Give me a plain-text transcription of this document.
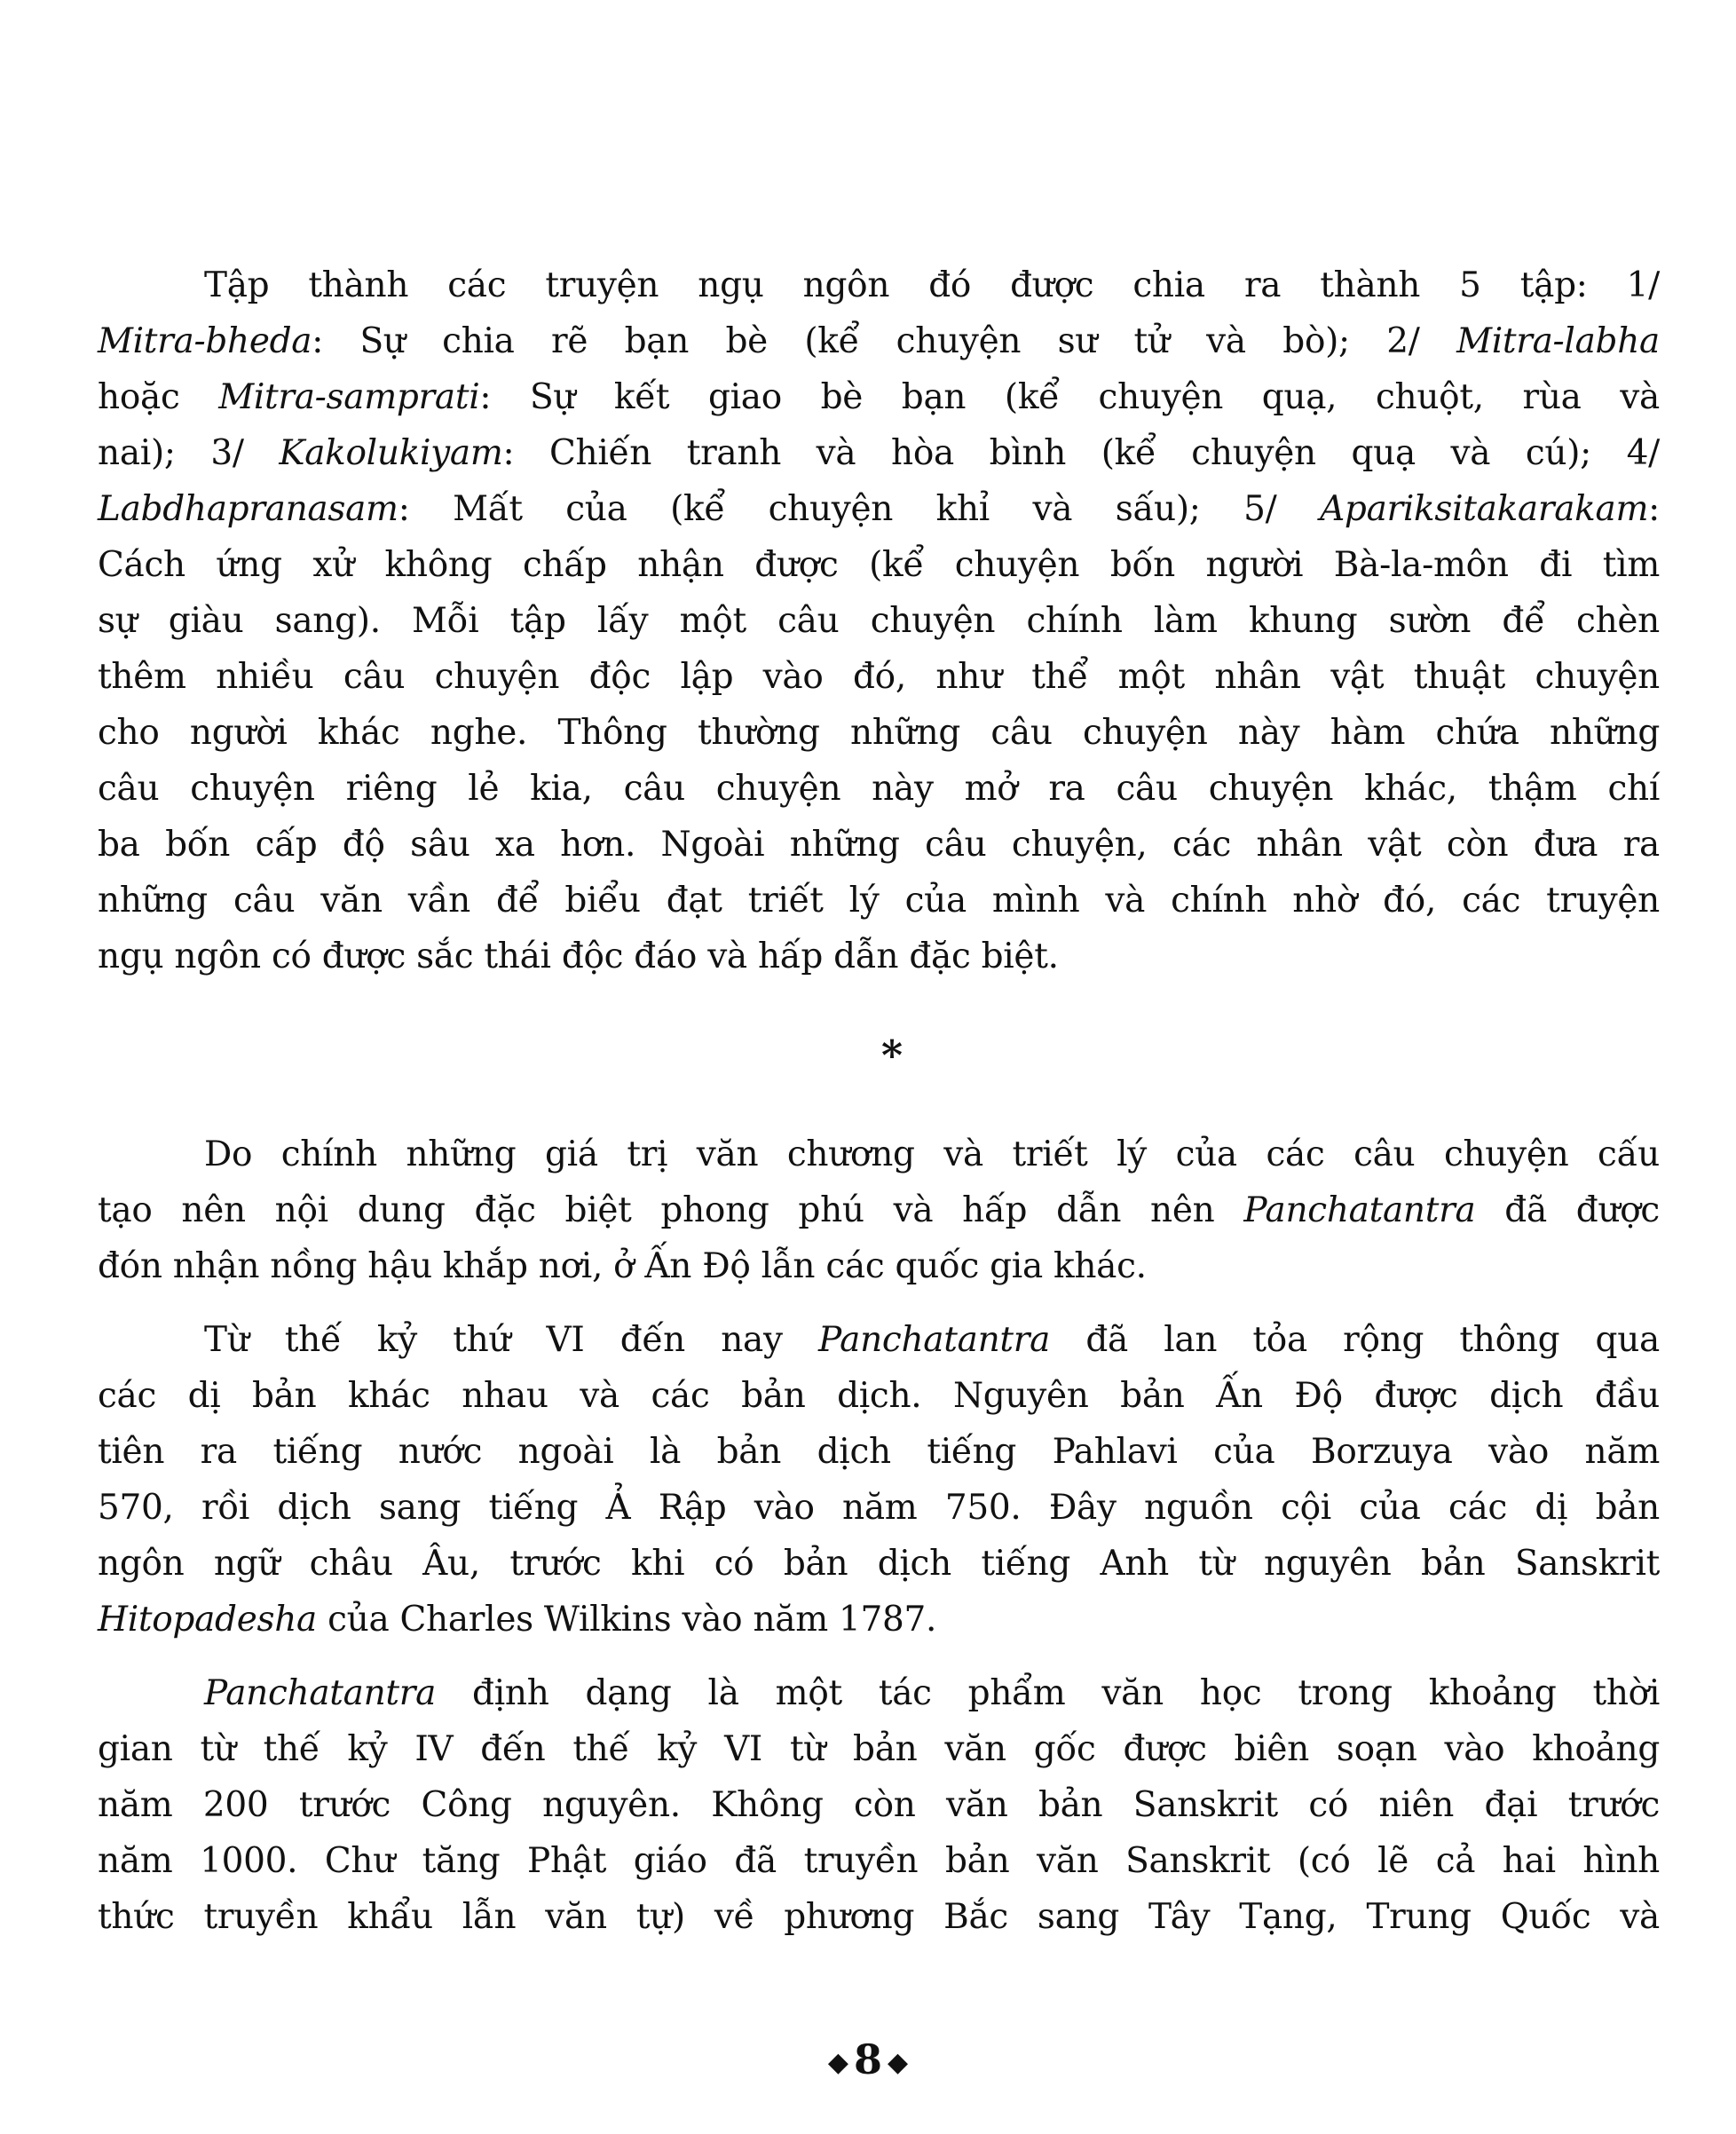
Tập thành các truyện ngụ ngôn đó được chia ra thành 5 tập: 1/
Mitra-bheda: Sự chia rẽ bạn bè (kể chuyện sư tử và bò); 2/ Mitra-labha
hoặc Mitra-samprati: Sự kết giao bè bạn (kể chuyện quạ, chuột, rùa và
nai); 3/ Kakolukiyam: Chiến tranh và hòa bình (kể chuyện quạ và cú); 4/
Labdhapranasam: Mất của (kể chuyện khỉ và sấu); 5/ Apariksitakarakam:
Cách ứng xử không chấp nhận được (kể chuyện bốn người Bà-la-môn đi tìm
sự giàu sang). Mỗi tập lấy một câu chuyện chính làm khung sườn để chèn
thêm nhiều câu chuyện độc lập vào đó, như thể một nhân vật thuật chuyện
cho người khác nghe. Thông thường những câu chuyện này hàm chứa những
câu chuyện riêng lẻ kia, câu chuyện này mở ra câu chuyện khác, thậm chí
ba bốn cấp độ sâu xa hơn. Ngoài những câu chuyện, các nhân vật còn đưa ra
những câu văn vần để biểu đạt triết lý của mình và chính nhờ đó, các truyện
ngụ ngôn có được sắc thái độc đáo và hấp dẫn đặc biệt.
*
Do chính những giá trị văn chương và triết lý của các câu chuyện cấu
tạo nên nội dung đặc biệt phong phú và hấp dẫn nên Panchatantra đã được
đón nhận nồng hậu khắp nơi, ở Ấn Độ lẫn các quốc gia khác.
Từ thế kỷ thứ VI đến nay Panchatantra đã lan tỏa rộng thông qua
các dị bản khác nhau và các bản dịch. Nguyên bản Ấn Độ được dịch đầu
tiên ra tiếng nước ngoài là bản dịch tiếng Pahlavi của Borzuya vào năm
570, rồi dịch sang tiếng Ả Rập vào năm 750. Đây nguồn cội của các dị bản
ngôn ngữ châu Âu, trước khi có bản dịch tiếng Anh từ nguyên bản Sanskrit
Hitopadesha của Charles Wilkins vào năm 1787.
Panchatantra định dạng là một tác phẩm văn học trong khoảng thời
gian từ thế kỷ IV đến thế kỷ VI từ bản văn gốc được biên soạn vào khoảng
năm 200 trước Công nguyên. Không còn văn bản Sanskrit có niên đại trước
năm 1000. Chư tăng Phật giáo đã truyền bản văn Sanskrit (có lẽ cả hai hình
thức truyền khẩu lẫn văn tự) về phương Bắc sang Tây Tạng, Trung Quốc và
◆ 8 ◆
